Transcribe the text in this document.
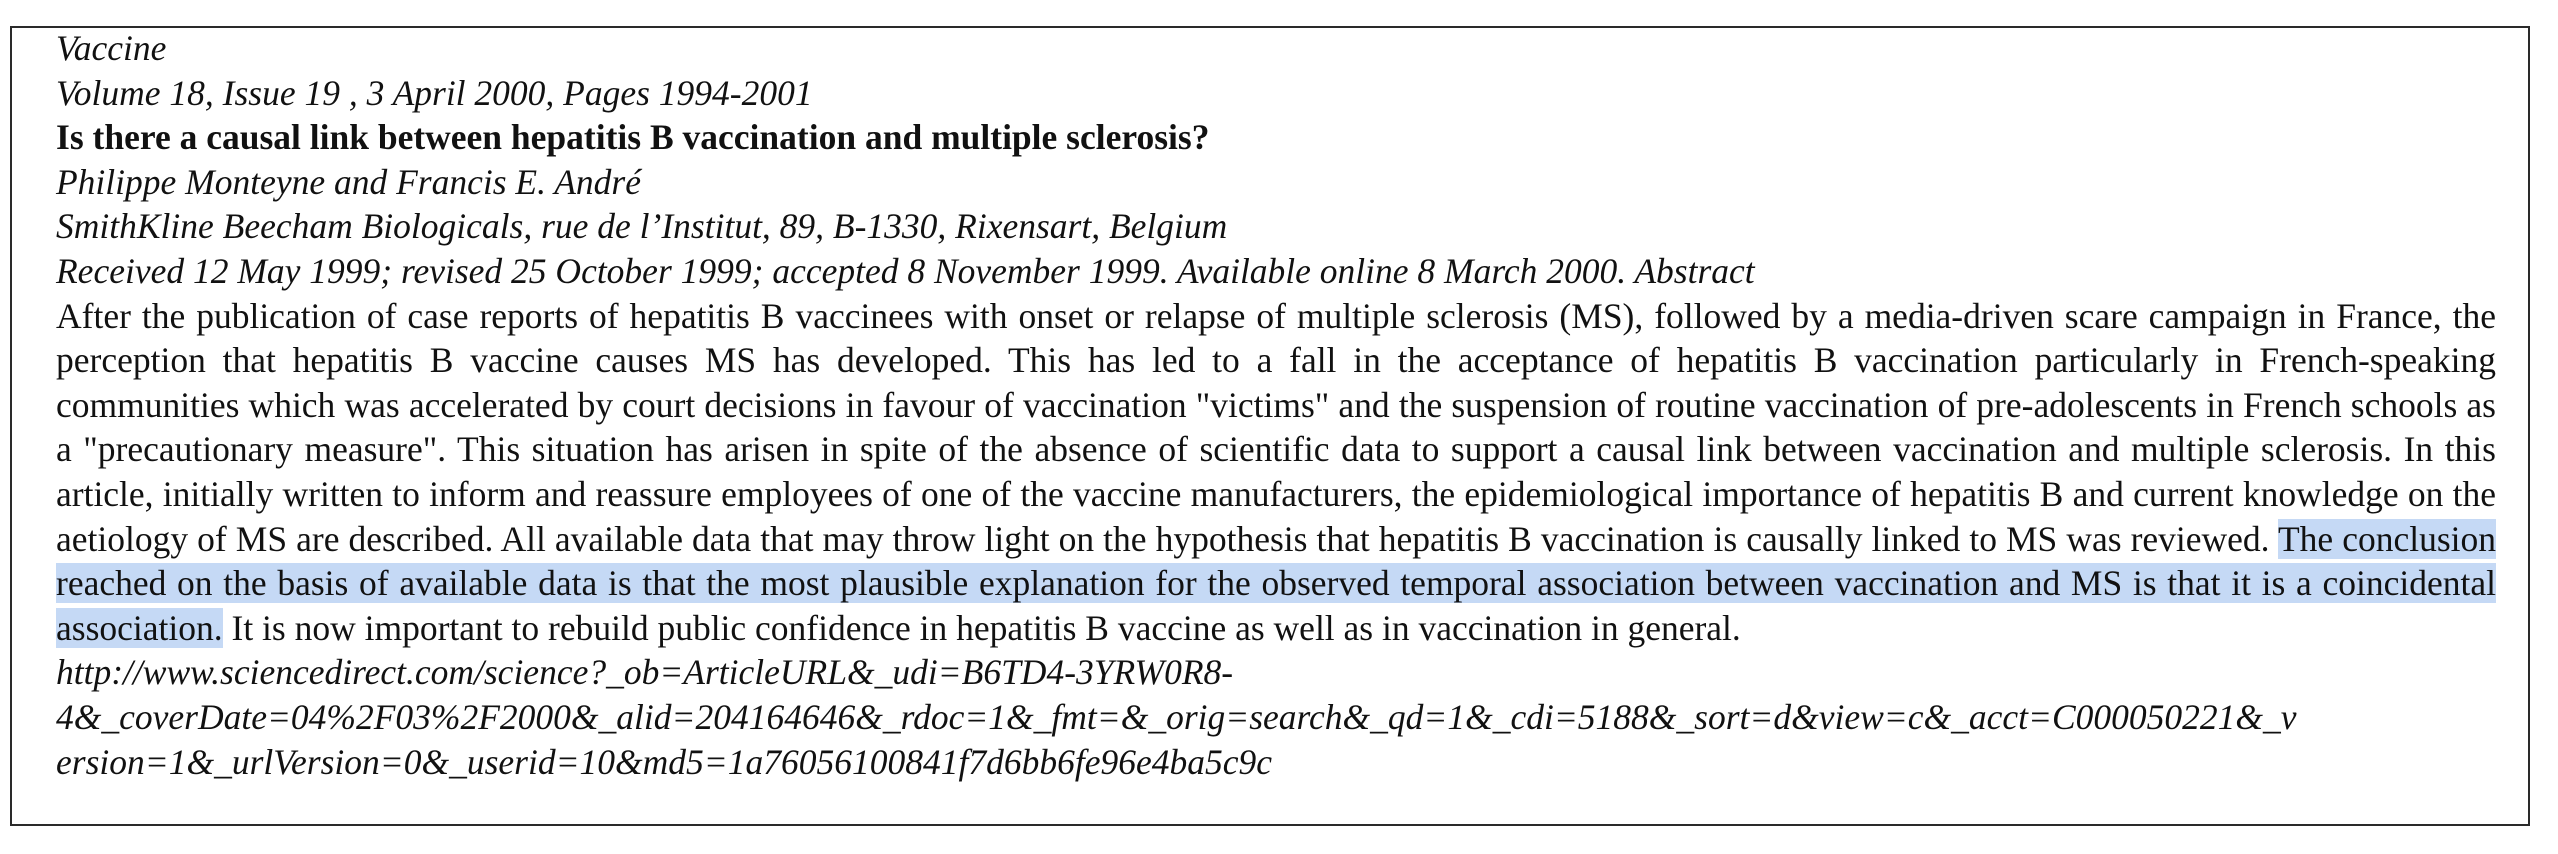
Vaccine
Volume 18, Issue 19 , 3 April 2000, Pages 1994-2001
Is there a causal link between hepatitis B vaccination and multiple sclerosis?
Philippe Monteyne and Francis E. André
SmithKline Beecham Biologicals, rue de l’Institut, 89, B-1330, Rixensart, Belgium
Received 12 May 1999; revised 25 October 1999; accepted 8 November 1999. Available online 8 March 2000. Abstract

After the publication of case reports of hepatitis B vaccinees with onset or relapse of multiple sclerosis (MS), followed by a media-driven scare campaign in France, the perception that hepatitis B vaccine causes MS has developed. This has led to a fall in the acceptance of hepatitis B vaccination particularly in French-speaking communities which was accelerated by court decisions in favour of vaccination "victims" and the suspension of routine vaccination of pre-adolescents in French schools as a "precautionary measure". This situation has arisen in spite of the absence of scientific data to support a causal link between vaccination and multiple sclerosis. In this article, initially written to inform and reassure employees of one of the vaccine manufacturers, the epidemiological importance of hepatitis B and current knowledge on the aetiology of MS are described. All available data that may throw light on the hypothesis that hepatitis B vaccination is causally linked to MS was reviewed. The conclusion reached on the basis of available data is that the most plausible explanation for the observed temporal association between vaccination and MS is that it is a coincidental association. It is now important to rebuild public confidence in hepatitis B vaccine as well as in vaccination in general.

http://www.sciencedirect.com/science?_ob=ArticleURL&_udi=B6TD4-3YRW0R8-
4&_coverDate=04%2F03%2F2000&_alid=204164646&_rdoc=1&_fmt=&_orig=search&_qd=1&_cdi=5188&_sort=d&view=c&_acct=C000050221&_v
ersion=1&_urlVersion=0&_userid=10&md5=1a76056100841f7d6bb6fe96e4ba5c9c
